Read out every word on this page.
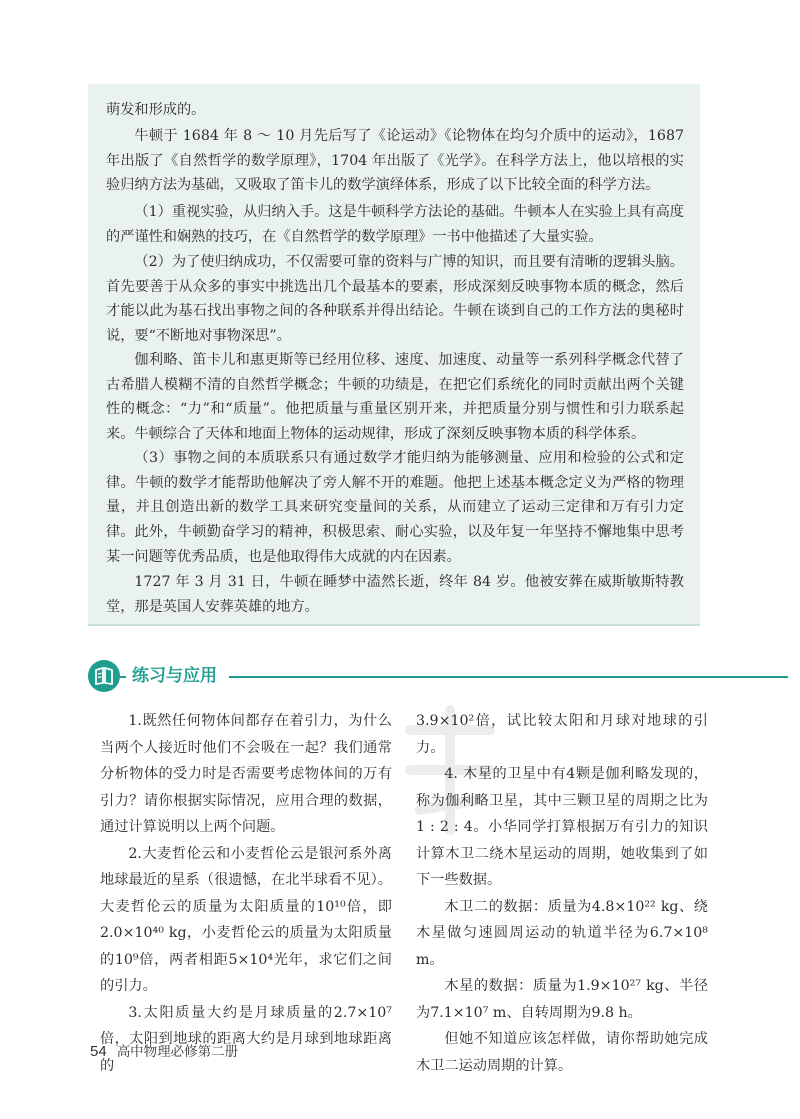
萌发和形成的。

牛顿于 1684 年 8 ～ 10 月先后写了《论运动》《论物体在均匀介质中的运动》，1687 年出版了《自然哲学的数学原理》，1704 年出版了《光学》。在科学方法上，他以培根的实验归纳方法为基础，又吸取了笛卡儿的数学演绎体系，形成了以下比较全面的科学方法。

（1）重视实验，从归纳入手。这是牛顿科学方法论的基础。牛顿本人在实验上具有高度的严谨性和娴熟的技巧，在《自然哲学的数学原理》一书中他描述了大量实验。

（2）为了使归纳成功，不仅需要可靠的资料与广博的知识，而且要有清晰的逻辑头脑。首先要善于从众多的事实中挑选出几个最基本的要素，形成深刻反映事物本质的概念，然后才能以此为基石找出事物之间的各种联系并得出结论。牛顿在谈到自己的工作方法的奥秘时说，要“不断地对事物深思”。

伽利略、笛卡儿和惠更斯等已经用位移、速度、加速度、动量等一系列科学概念代替了古希腊人模糊不清的自然哲学概念；牛顿的功绩是，在把它们系统化的同时贡献出两个关键性的概念：“力”和“质量”。他把质量与重量区别开来，并把质量分别与惯性和引力联系起来。牛顿综合了天体和地面上物体的运动规律，形成了深刻反映事物本质的科学体系。

（3）事物之间的本质联系只有通过数学才能归纳为能够测量、应用和检验的公式和定律。牛顿的数学才能帮助他解决了旁人解不开的难题。他把上述基本概念定义为严格的物理量，并且创造出新的数学工具来研究变量间的关系，从而建立了运动三定律和万有引力定律。 此外，牛顿勤奋学习的精神，积极思索、耐心实验，以及年复一年坚持不懈地集中思考某一问题等优秀品质，也是他取得伟大成就的内在因素。

1727 年 3 月 31 日，牛顿在睡梦中溘然长逝，终年 84 岁。他被安葬在威斯敏斯特教堂，那是英国人安葬英雄的地方。

练习与应用

1.既然任何物体间都存在着引力，为什么当两个人接近时他们不会吸在一起？我们通常分析物体的受力时是否需要考虑物体间的万有引力？请你根据实际情况，应用合理的数据，通过计算说明以上两个问题。

2.大麦哲伦云和小麦哲伦云是银河系外离地球最近的星系（很遗憾，在北半球看不见）。大麦哲伦云的质量为太阳质量的10¹⁰倍，即2.0×10⁴⁰ kg，小麦哲伦云的质量为太阳质量的10⁹倍，两者相距5×10⁴光年，求它们之间的引力。

3.太阳质量大约是月球质量的2.7×10⁷倍，太阳到地球的距离大约是月球到地球距离的

3.9×10²倍，试比较太阳和月球对地球的引力。

4. 木星的卫星中有4颗是伽利略发现的，称为伽利略卫星，其中三颗卫星的周期之比为1 : 2 : 4。小华同学打算根据万有引力的知识计算木卫二绕木星运动的周期，她收集到了如下一些数据。

木卫二的数据：质量为4.8×10²² kg、绕木星做匀速圆周运动的轨道半径为6.7×10⁸ m。

木星的数据：质量为1.9×10²⁷ kg、半径为7.1×10⁷ m、自转周期为9.8 h。

但她不知道应该怎样做，请你帮助她完成木卫二运动周期的计算。

54 高中物理必修第二册
